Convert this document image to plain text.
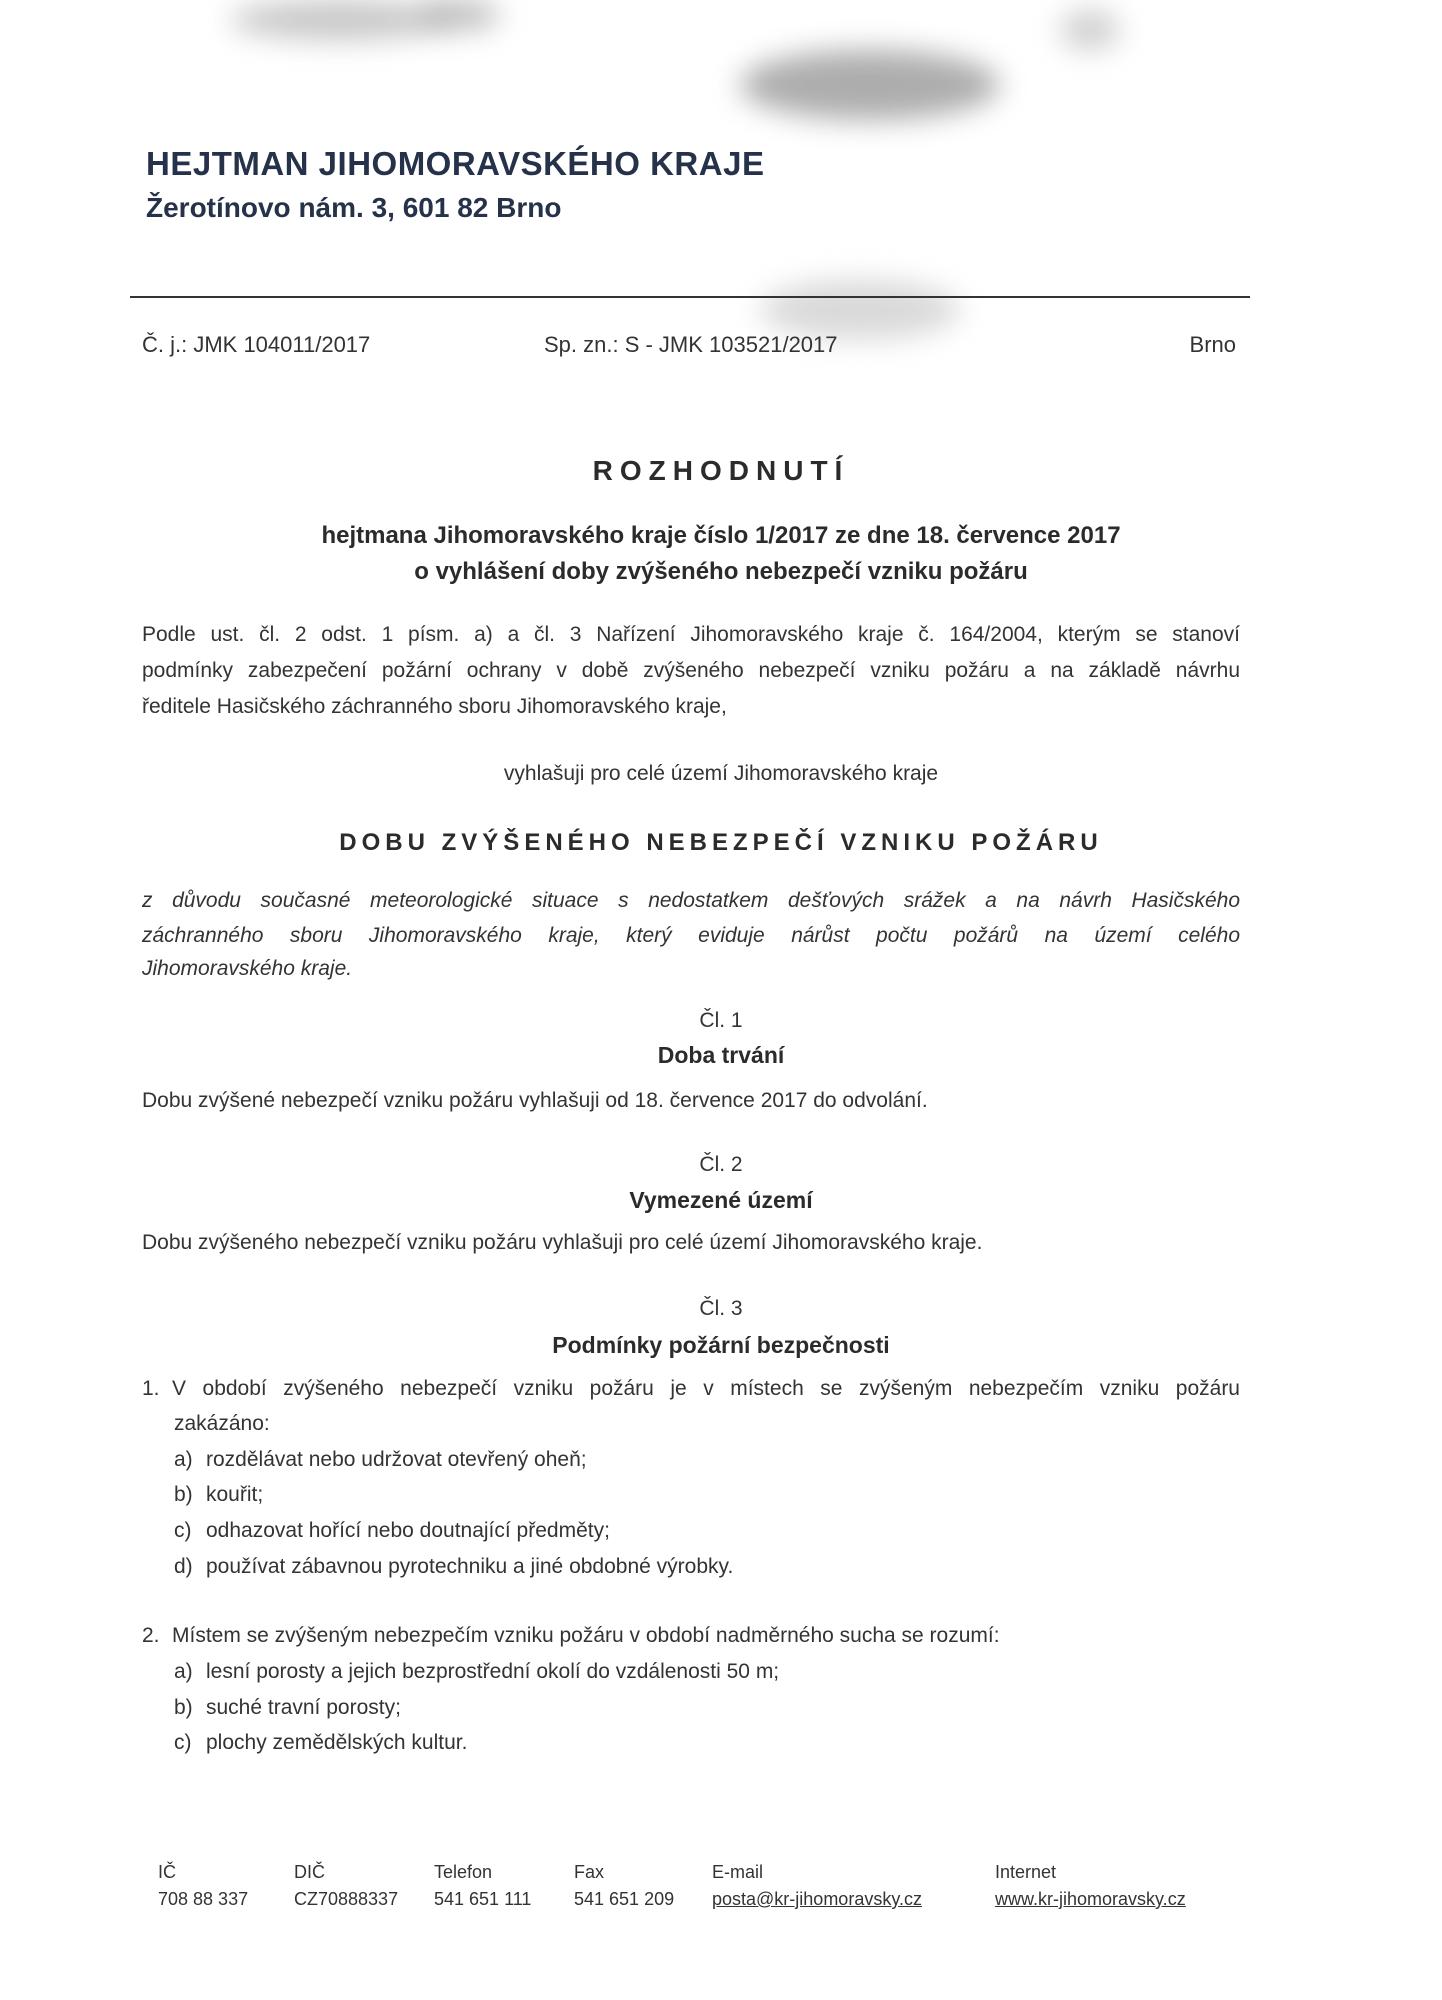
HEJTMAN JIHOMORAVSKÉHO KRAJE
Žerotínovo nám. 3, 601 82 Brno
Č. j.: JMK 104011/2017	Sp. zn.: S - JMK 103521/2017	Brno
ROZHODNUTÍ
hejtmana Jihomoravského kraje číslo 1/2017 ze dne 18. července 2017
o vyhlášení doby zvýšeného nebezpečí vzniku požáru
Podle ust. čl. 2 odst. 1 písm. a) a čl. 3 Nařízení Jihomoravského kraje č. 164/2004, kterým se stanoví
podmínky zabezpečení požární ochrany v době zvýšeného nebezpečí vzniku požáru a na základě návrhu
ředitele Hasičského záchranného sboru Jihomoravského kraje,
vyhlašuji pro celé území Jihomoravského kraje
DOBU ZVÝŠENÉHO NEBEZPEČÍ VZNIKU POŽÁRU
z důvodu současné meteorologické situace s nedostatkem dešťových srážek a na návrh Hasičského
záchranného sboru Jihomoravského kraje, který eviduje nárůst počtu požárů na území celého
Jihomoravského kraje.
Čl. 1
Doba trvání
Dobu zvýšené nebezpečí vzniku požáru vyhlašuji od 18. července 2017 do odvolání.
Čl. 2
Vymezené území
Dobu zvýšeného nebezpečí vzniku požáru vyhlašuji pro celé území Jihomoravského kraje.
Čl. 3
Podmínky požární bezpečnosti
1. V období zvýšeného nebezpečí vzniku požáru je v místech se zvýšeným nebezpečím vzniku požáru
zakázáno:
a) rozdělávat nebo udržovat otevřený oheň;
b) kouřit;
c) odhazovat hořící nebo doutnající předměty;
d) používat zábavnou pyrotechniku a jiné obdobné výrobky.
2. Místem se zvýšeným nebezpečím vzniku požáru v období nadměrného sucha se rozumí:
a) lesní porosty a jejich bezprostřední okolí do vzdálenosti 50 m;
b) suché travní porosty;
c) plochy zemědělských kultur.
IČ
708 88 337
DIČ
CZ70888337
Telefon
541 651 111
Fax
541 651 209
E-mail
posta@kr-jihomoravsky.cz
Internet
www.kr-jihomoravsky.cz
